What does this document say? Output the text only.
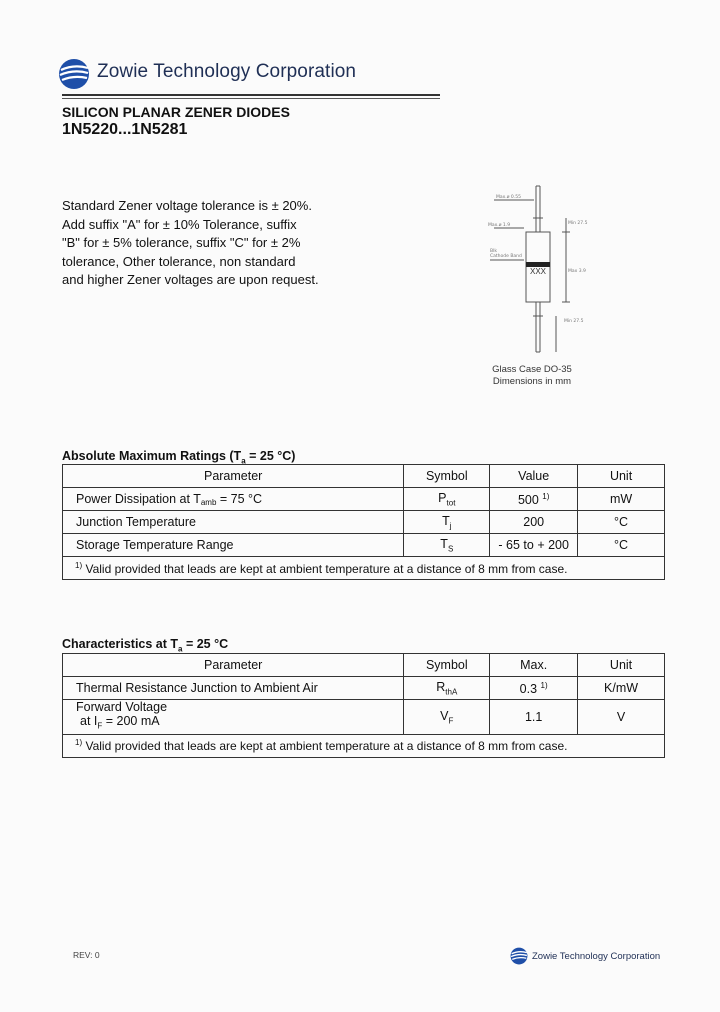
Zowie Technology Corporation
SILICON PLANAR ZENER DIODES
1N5220...1N5281
Standard Zener voltage tolerance is ± 20%.
Add suffix "A" for ± 10% Tolerance, suffix
"B" for ± 5% tolerance, suffix "C" for ± 2%
tolerance, Other tolerance, non standard
and higher Zener voltages are upon request.
Max.ø 0.55
Max.ø 1.9	Min 27.5
Max 3.9
Min 27.5
Blk
Cathode Band
XXX
Glass Case DO-35
Dimensions in mm
Absolute Maximum Ratings ($T_a = 25$ °C)
Parameter	Symbol	Value	Unit
Power Dissipation at $T_{amb} = 75$ °C	$P_{tot}$	500 $^{1)}$	mW
Junction Temperature	$T_j$	200	°C
Storage Temperature Range	$T_S$	- 65 to + 200	°C
$^{1)}$ Valid provided that leads are kept at ambient temperature at a distance of 8 mm from case.			
Characteristics at $T_a = 25$ °C
Parameter	Symbol	Max.	Unit
Thermal Resistance Junction to Ambient Air	$R_{thA}$	0.3 $^{1)}$	K/mW

Forward Voltage
at $I_F = 200$ mA	$V_F$	1.1	V
$^{1)}$ Valid provided that leads are kept at ambient temperature at a distance of 8 mm from case.			
REV: 0	Zowie Technology Corporation
